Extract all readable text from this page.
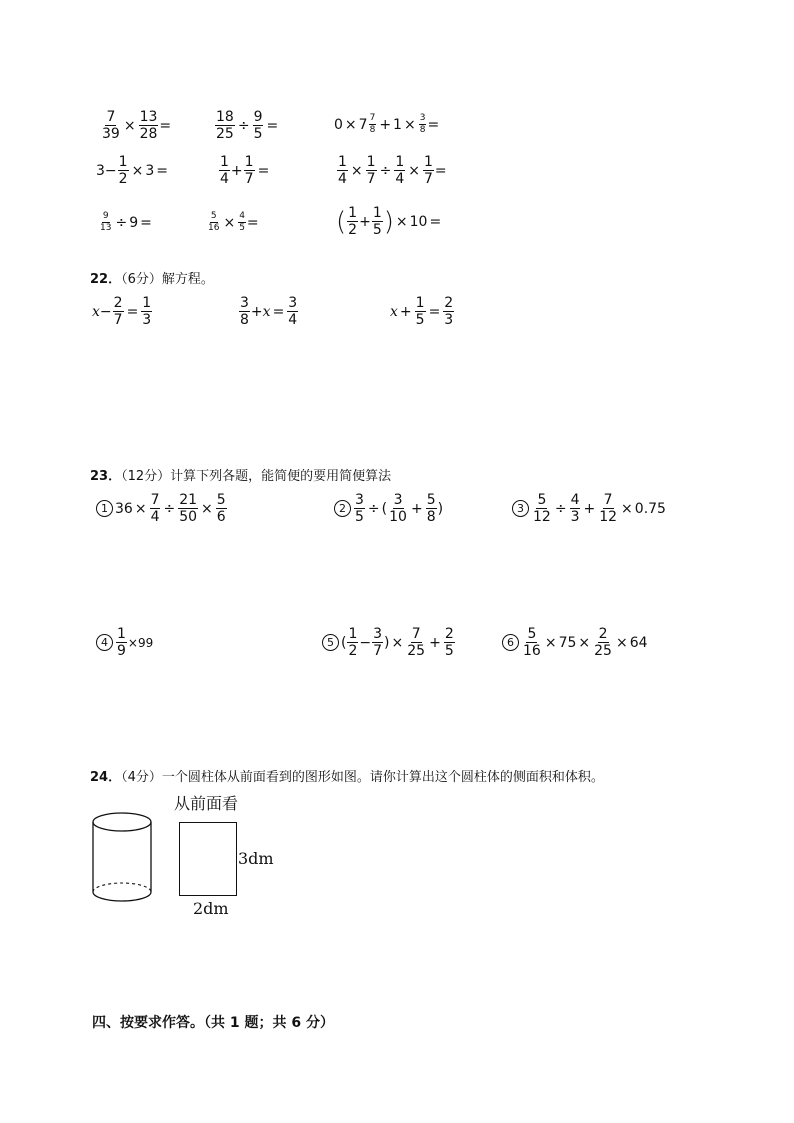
$\frac{7}{39} \times \frac{13}{28}$ =	$\frac{18}{25} \div \frac{9}{5}$ =	$0 \times 7 \frac{7}{8} + 1 \times \frac{3}{8}$ =
$3 - \frac{1}{2} \times 3$ =	$\frac{1}{4} + \frac{1}{7}$ =	$\frac{1}{4} \times \frac{1}{7} \div \frac{1}{4} \times \frac{1}{7}$ =
$\frac{9}{13} \div 9$ =	$\frac{5}{16} \times \frac{4}{5}$ =	( $\frac{1}{2} + \frac{1}{5}$ ) × 10 =
22．（6分）解方程。
$x - \frac{2}{7} = \frac{1}{3}$	$\frac{3}{8} + x = \frac{3}{4}$	$x + \frac{1}{5} = \frac{2}{3}$
23．（12分）计算下列各题，能简便的要用简便算法
1 $36 \times \frac{7}{4} \div \frac{21}{50} \times \frac{5}{6}$	$2 \frac{3}{5}$ ÷ ( $\frac{3}{10} + \frac{5}{8}$ )	$3 \frac{5}{12} \div \frac{4}{3} + \frac{7}{12} \times 0.75$
$4 \frac{1}{9} \times 99$	5 ( $\frac{1}{2} - \frac{3}{7}$ ) × $\frac{7}{25} + \frac{2}{5}$	$6 \frac{5}{16} \times 75 \times \frac{2}{25} \times 64$
24．（4分）一个圆柱体从前面看到的图形如图。请你计算出这个圆柱体的侧面积和体积。
从前面看
3dm
2dm
四、按要求作答。（共 1 题；共 6 分）
